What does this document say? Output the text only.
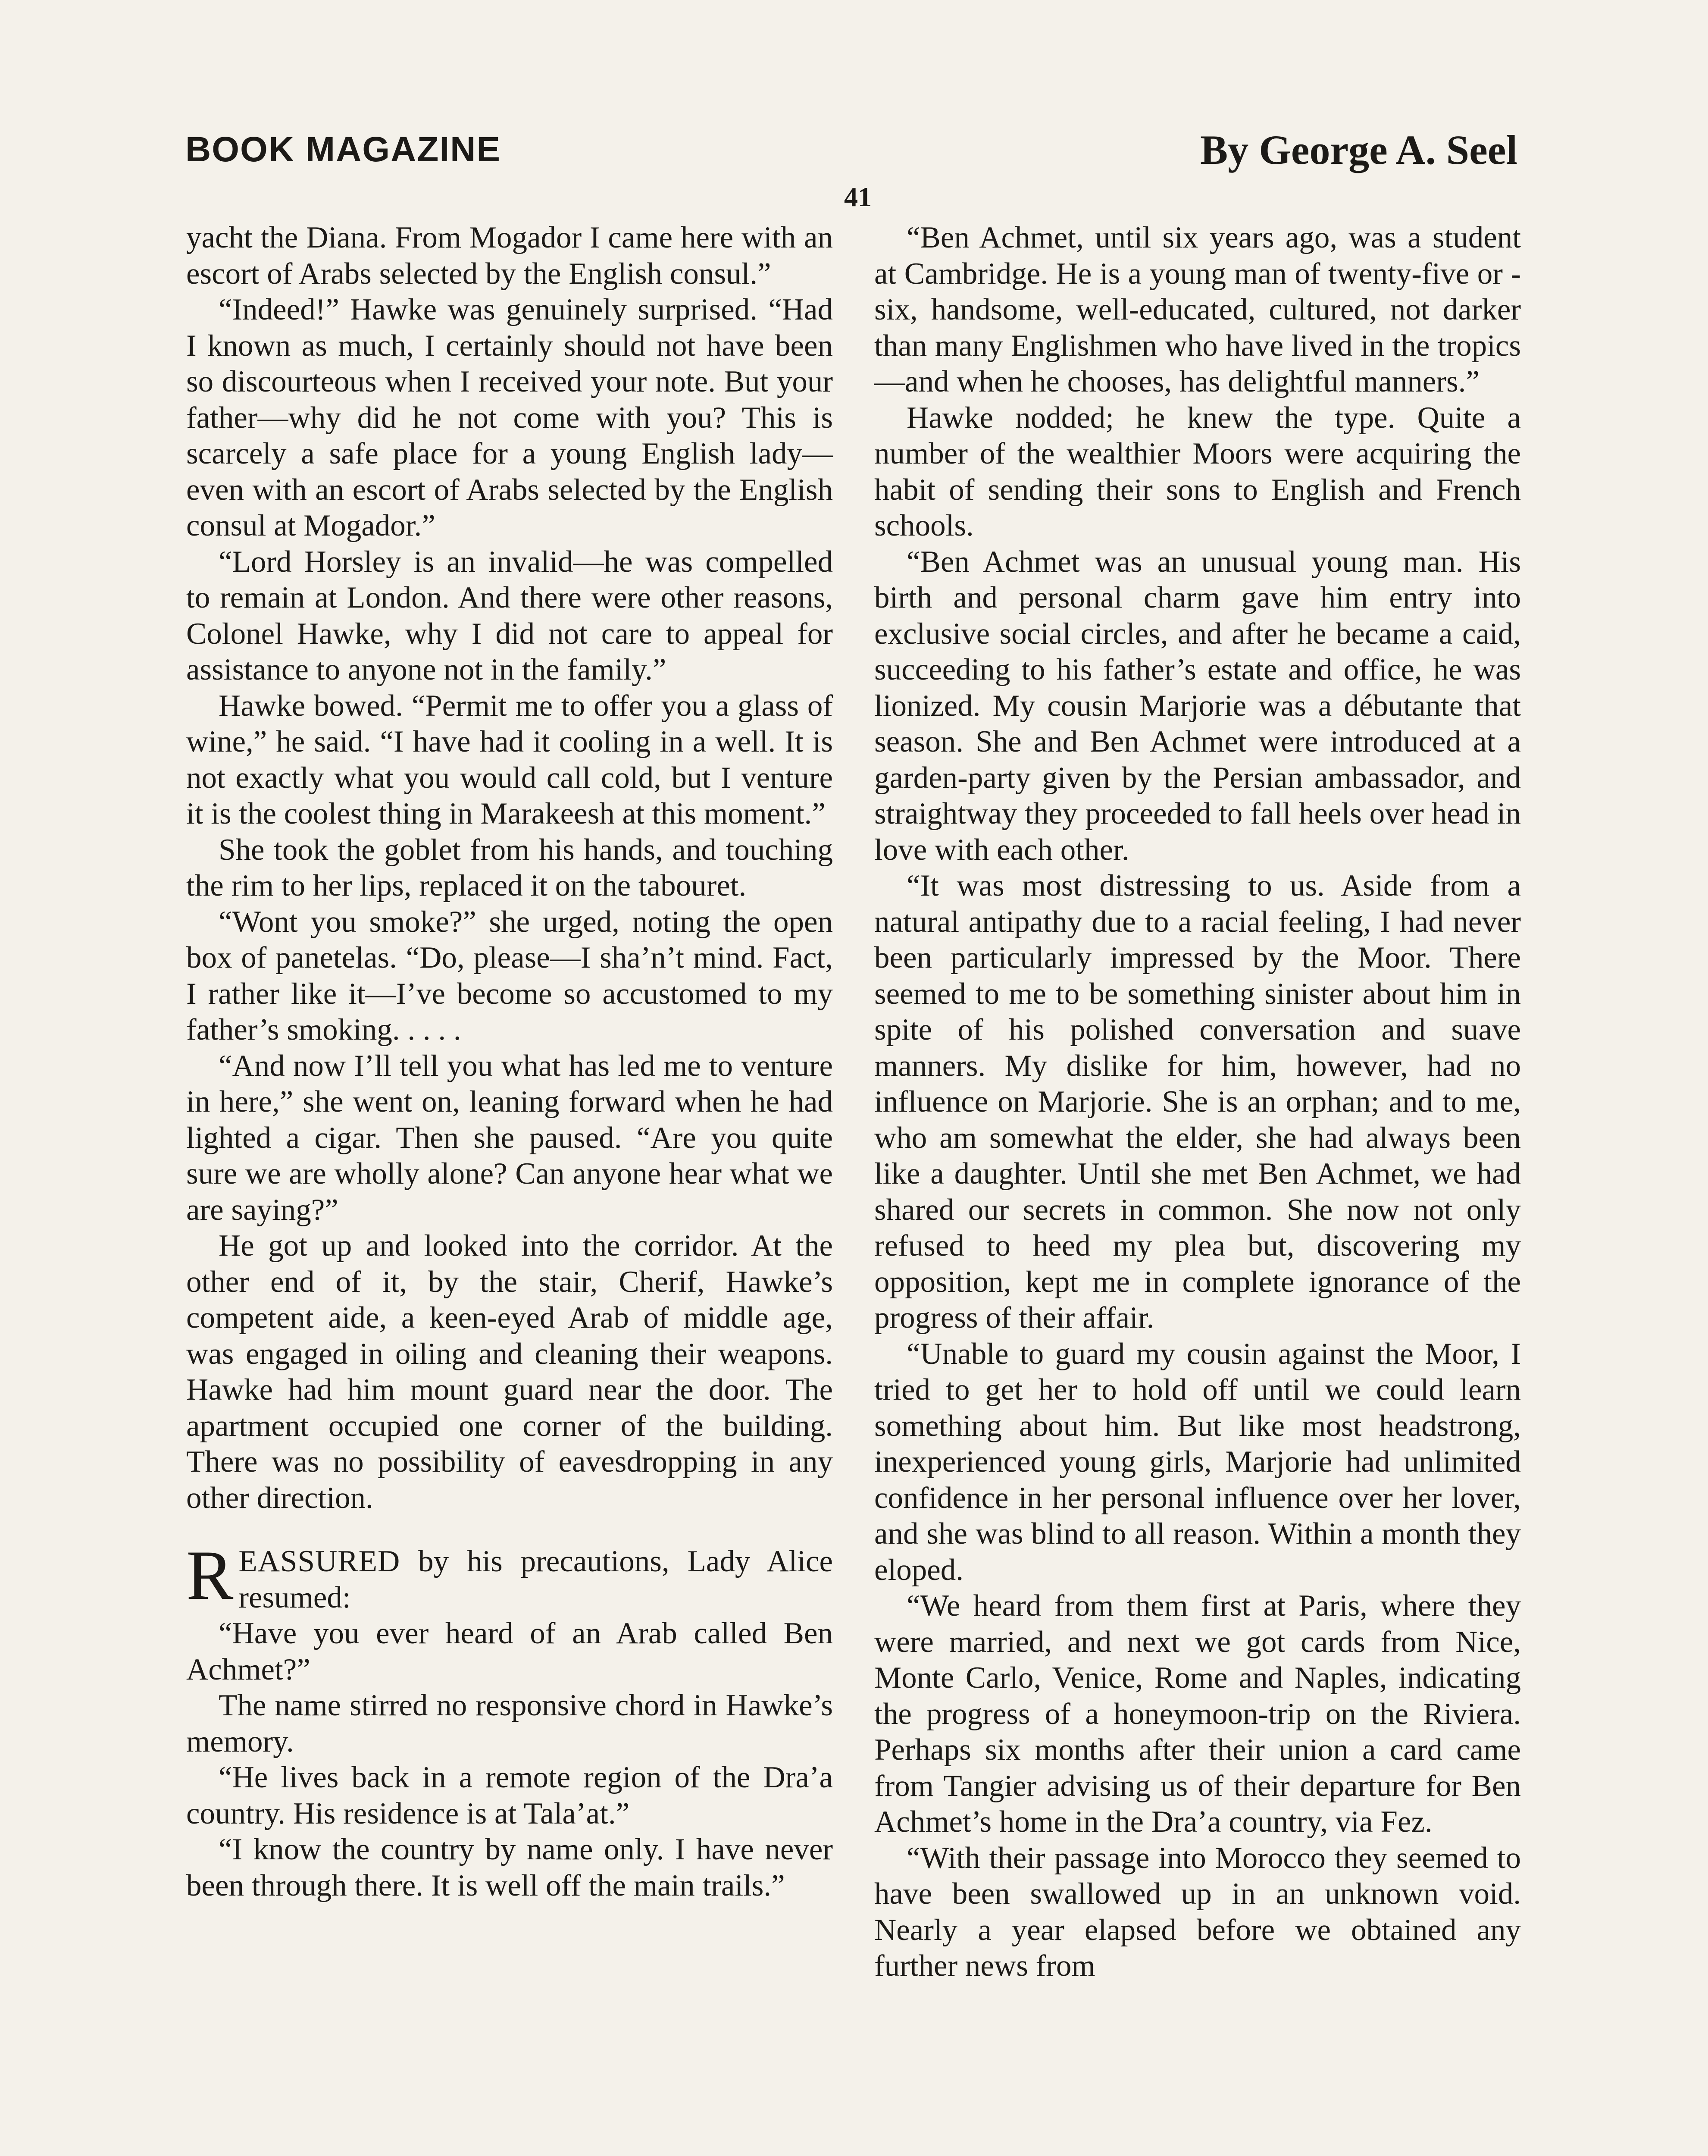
BOOK MAGAZINE	By George A. Seel
41

yacht the Diana. From Mogador I came here with an escort of Arabs selected by the English consul.”

“Indeed!” Hawke was genuinely surprised. “Had I known as much, I certainly should not have been so discourteous when I received your note. But your father—why did he not come with you? This is scarcely a safe place for a young English lady—even with an escort of Arabs selected by the English consul at Mogador.”

“Lord Horsley is an invalid—he was compelled to remain at London. And there were other reasons, Colonel Hawke, why I did not care to appeal for assistance to anyone not in the family.”

Hawke bowed. “Permit me to offer you a glass of wine,” he said. “I have had it cooling in a well. It is not exactly what you would call cold, but I venture it is the coolest thing in Marakeesh at this moment.”

She took the goblet from his hands, and touching the rim to her lips, replaced it on the tabouret.

“Wont you smoke?” she urged, noting the open box of panetelas. “Do, please—I sha’n’t mind. Fact, I rather like it—I’ve become so accustomed to my father’s smoking. . . . .

“And now I’ll tell you what has led me to venture in here,” she went on, leaning forward when he had lighted a cigar. Then she paused. “Are you quite sure we are wholly alone? Can anyone hear what we are saying?”

He got up and looked into the corridor. At the other end of it, by the stair, Cherif, Hawke’s competent aide, a keen-eyed Arab of middle age, was engaged in oiling and cleaning their weapons. Hawke had him mount guard near the door. The apartment occupied one corner of the building. There was no possibility of eavesdropping in any other direction.

REASSURED by his precautions, Lady Alice resumed:

“Have you ever heard of an Arab called Ben Achmet?”

The name stirred no responsive chord in Hawke’s memory.

“He lives back in a remote region of the Dra’a country. His residence is at Tala’at.”

“I know the country by name only. I have never been through there. It is well off the main trails.”

“Ben Achmet, until six years ago, was a student at Cambridge. He is a young man of twenty-five or -six, handsome, well-educated, cultured, not darker than many Englishmen who have lived in the tropics—and when he chooses, has delightful manners.”

Hawke nodded; he knew the type. Quite a number of the wealthier Moors were acquiring the habit of sending their sons to English and French schools.

“Ben Achmet was an unusual young man. His birth and personal charm gave him entry into exclusive social circles, and after he became a caid, succeeding to his father’s estate and office, he was lionized. My cousin Marjorie was a débutante that season. She and Ben Achmet were introduced at a garden-party given by the Persian ambassador, and straightway they proceeded to fall heels over head in love with each other.

“It was most distressing to us. Aside from a natural antipathy due to a racial feeling, I had never been particularly impressed by the Moor. There seemed to me to be something sinister about him in spite of his polished conversation and suave manners. My dislike for him, however, had no influence on Marjorie. She is an orphan; and to me, who am somewhat the elder, she had always been like a daughter. Until she met Ben Achmet, we had shared our secrets in common. She now not only refused to heed my plea but, discovering my opposition, kept me in complete ignorance of the progress of their affair.

“Unable to guard my cousin against the Moor, I tried to get her to hold off until we could learn something about him. But like most headstrong, inexperienced young girls, Marjorie had unlimited confidence in her personal influence over her lover, and she was blind to all reason. Within a month they eloped.

“We heard from them first at Paris, where they were married, and next we got cards from Nice, Monte Carlo, Venice, Rome and Naples, indicating the progress of a honeymoon-trip on the Riviera. Perhaps six months after their union a card came from Tangier advising us of their departure for Ben Achmet’s home in the Dra’a country, via Fez.

“With their passage into Morocco they seemed to have been swallowed up in an unknown void. Nearly a year elapsed before we obtained any further news from
